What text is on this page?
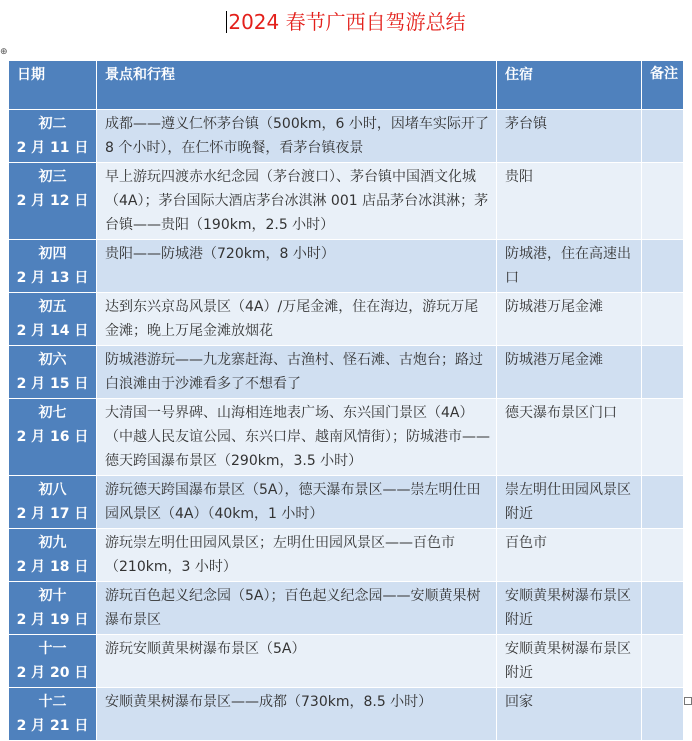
2024 春节广西自驾游总结
⊕
日期	景点和行程	住宿	备注

初二
2 月 11 日	成都——遵义仁怀茅台镇（500km，6 小时，因堵车实际开了 8 个小时），在仁怀市晚餐，看茅台镇夜景	茅台镇	

初三
2 月 12 日	早上游玩四渡赤水纪念园（茅台渡口）、茅台镇中国酒文化城（4A）；茅台国际大酒店茅台冰淇淋 001 店品茅台冰淇淋；茅台镇——贵阳（190km，2.5 小时）	贵阳	

初四
2 月 13 日	贵阳——防城港（720km，8 小时）	防城港，住在高速出口	

初五
2 月 14 日	达到东兴京岛风景区（4A）/万尾金滩，住在海边，游玩万尾金滩；晚上万尾金滩放烟花	防城港万尾金滩	

初六
2 月 15 日	防城港游玩——九龙寨赶海、古渔村、怪石滩、古炮台；路过白浪滩由于沙滩看多了不想看了	防城港万尾金滩	

初七
2 月 16 日	大清国一号界碑、山海相连地表广场、东兴国门景区（4A）（中越人民友谊公园、东兴口岸、越南风情街）；防城港市——德天跨国瀑布景区（290km，3.5 小时）	德天瀑布景区门口	

初八
2 月 17 日	游玩德天跨国瀑布景区（5A），德天瀑布景区——崇左明仕田园风景区（4A）（40km，1 小时）	崇左明仕田园风景区附近	

初九
2 月 18 日	游玩崇左明仕田园风景区；左明仕田园风景区——百色市（210km，3 小时）	百色市	

初十
2 月 19 日	游玩百色起义纪念园（5A）；百色起义纪念园——安顺黄果树瀑布景区	安顺黄果树瀑布景区附近	

十一
2 月 20 日	游玩安顺黄果树瀑布景区（5A）	安顺黄果树瀑布景区附近	

十二
2 月 21 日	安顺黄果树瀑布景区——成都（730km，8.5 小时）	回家	
